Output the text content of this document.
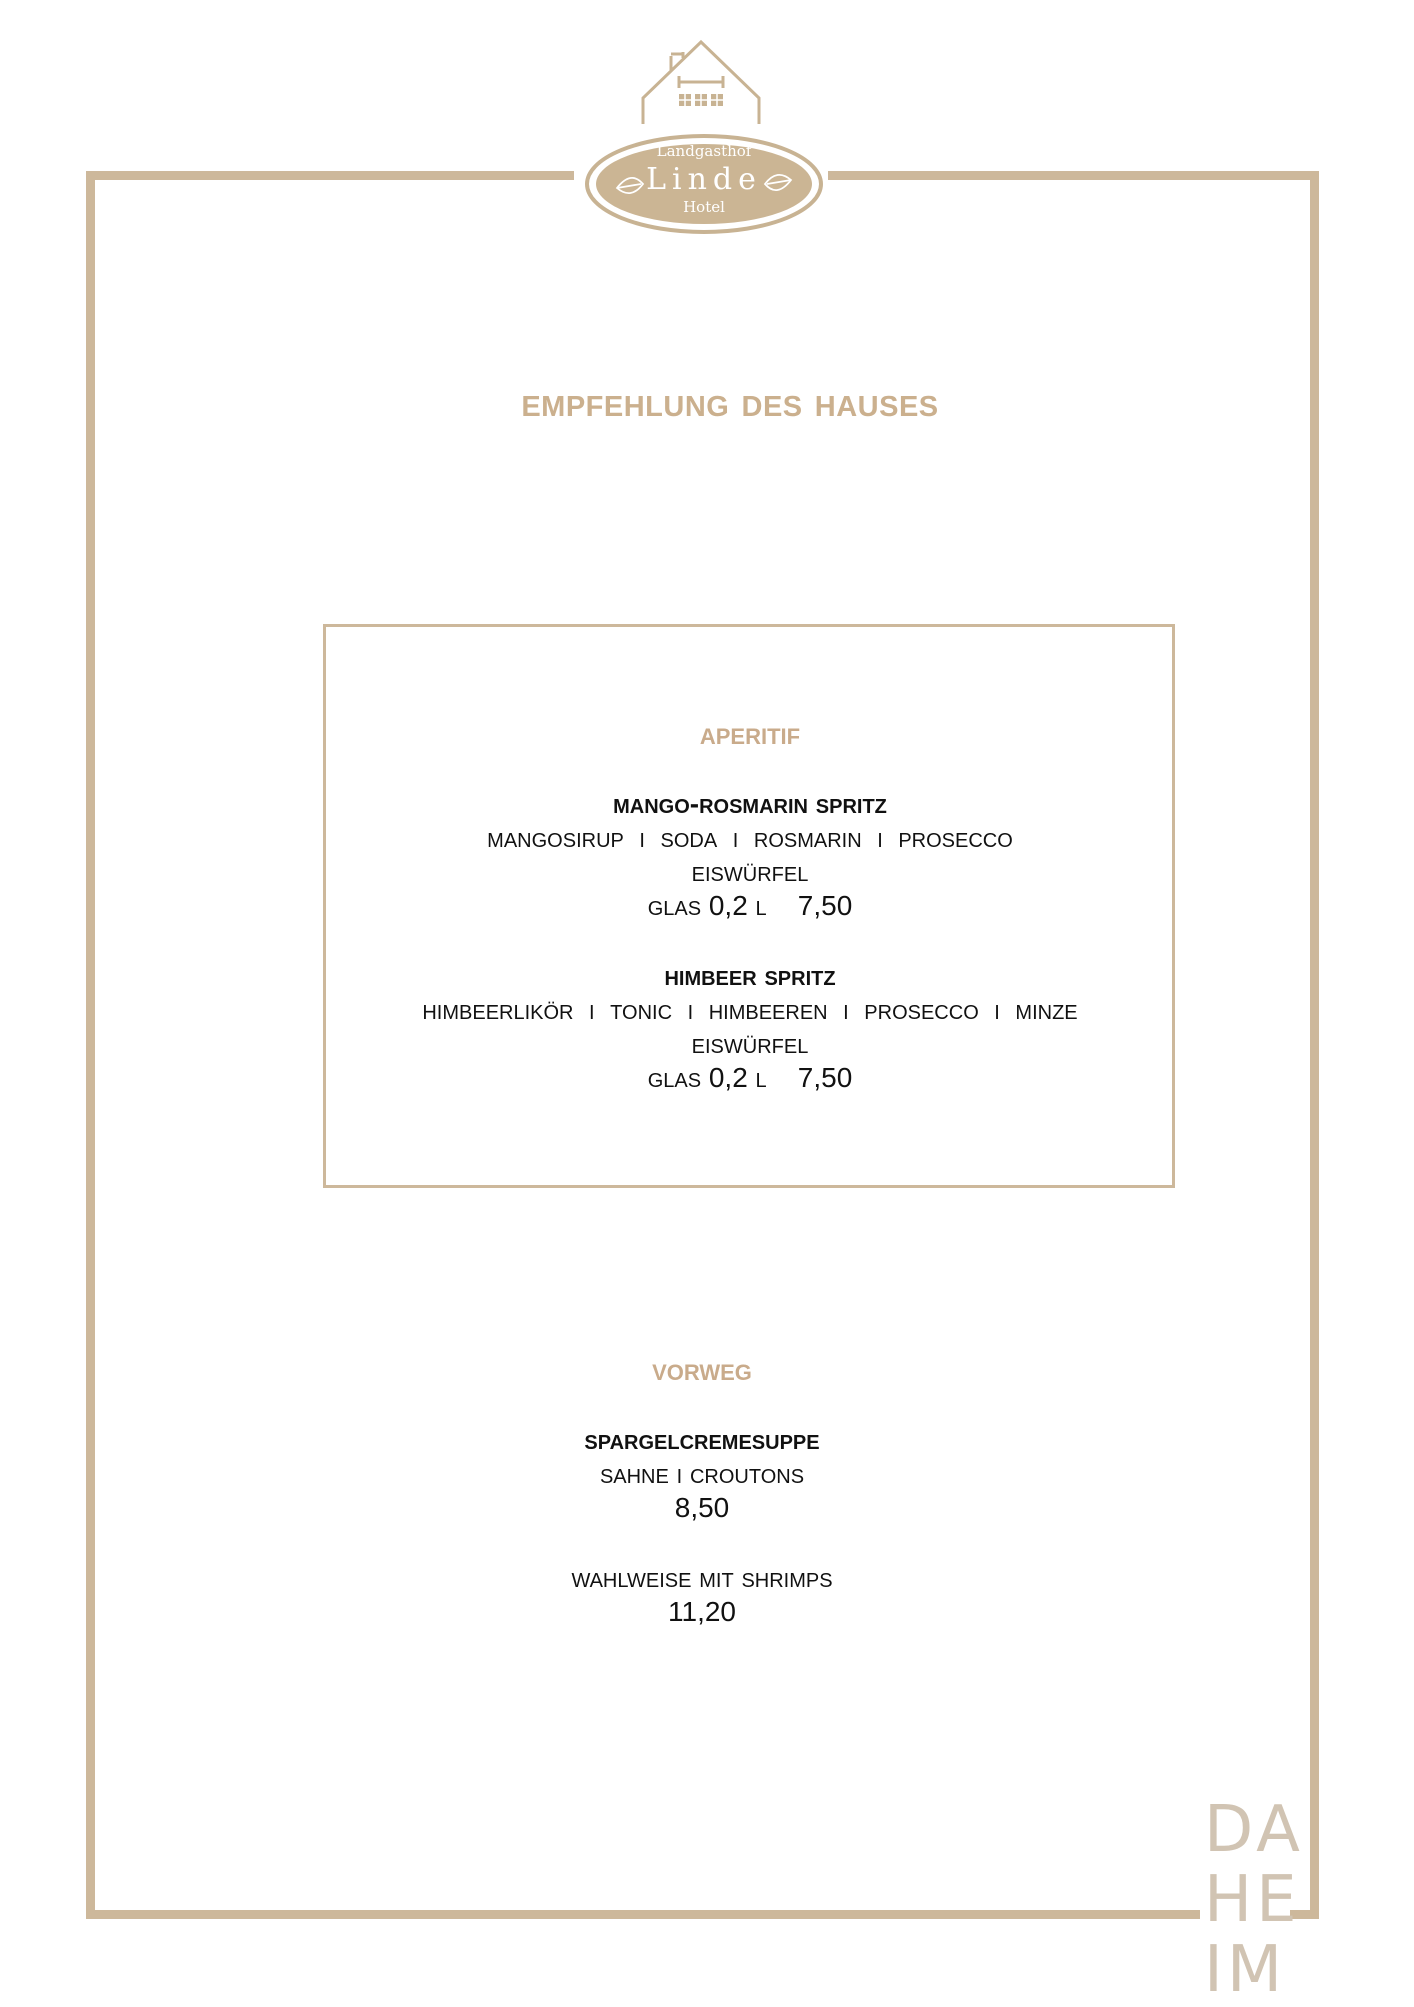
Landgasthof
Linde
Hotel
empfehlung des hauses
aperitif
mango-rosmarin spritz
mangosirup  i  soda  i  rosmarin  i  prosecco
eiswürfel
glas 0,2 l    7,50
himbeer spritz
himbeerlikör  i  tonic  i  himbeeren  i  prosecco  i  minze
eiswürfel
glas 0,2 l    7,50
vorweg
spargelcremesuppe
sahne i croutons
8,50
wahlweise mit shrimps
11,20
DA
HE
IM
